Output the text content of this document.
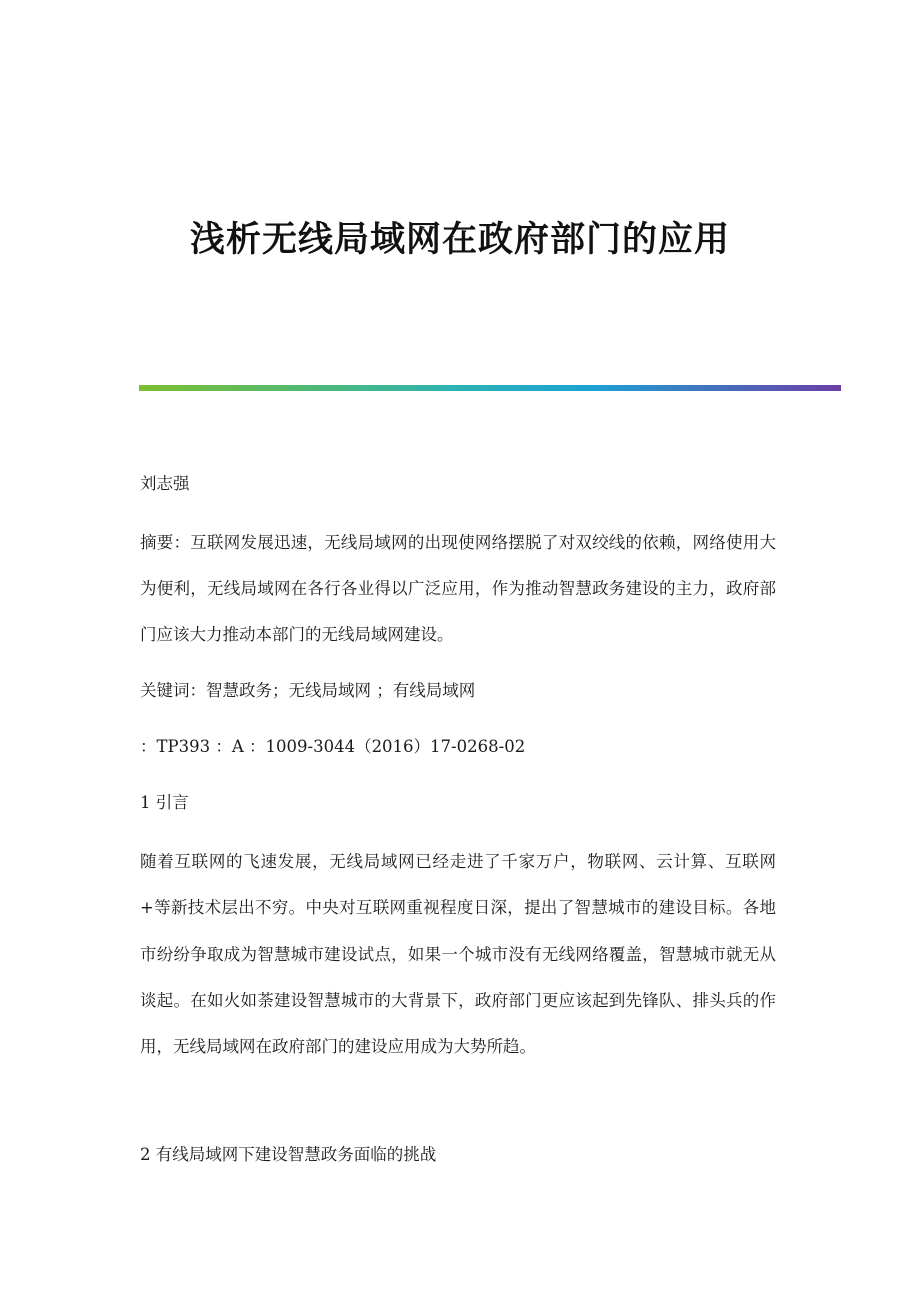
浅析无线局域网在政府部门的应用

刘志强

摘要：互联网发展迅速，无线局域网的出现使网络摆脱了对双绞线的依赖，网络使用大为便利，无线局域网在各行各业得以广泛应用，作为推动智慧政务建设的主力，政府部门应该大力推动本部门的无线局域网建设。

关键词：智慧政务；无线局域网 ；有线局域网

：TP393 ：A ：1009-3044（2016）17-0268-02

1 引言

随着互联网的飞速发展，无线局域网已经走进了千家万户，物联网、云计算、互联网+等新技术层出不穷。中央对互联网重视程度日深，提出了智慧城市的建设目标。各地市纷纷争取成为智慧城市建设试点，如果一个城市没有无线网络覆盖，智慧城市就无从谈起。在如火如荼建设智慧城市的大背景下，政府部门更应该起到先锋队、排头兵的作用，无线局域网在政府部门的建设应用成为大势所趋。

2 有线局域网下建设智慧政务面临的挑战
